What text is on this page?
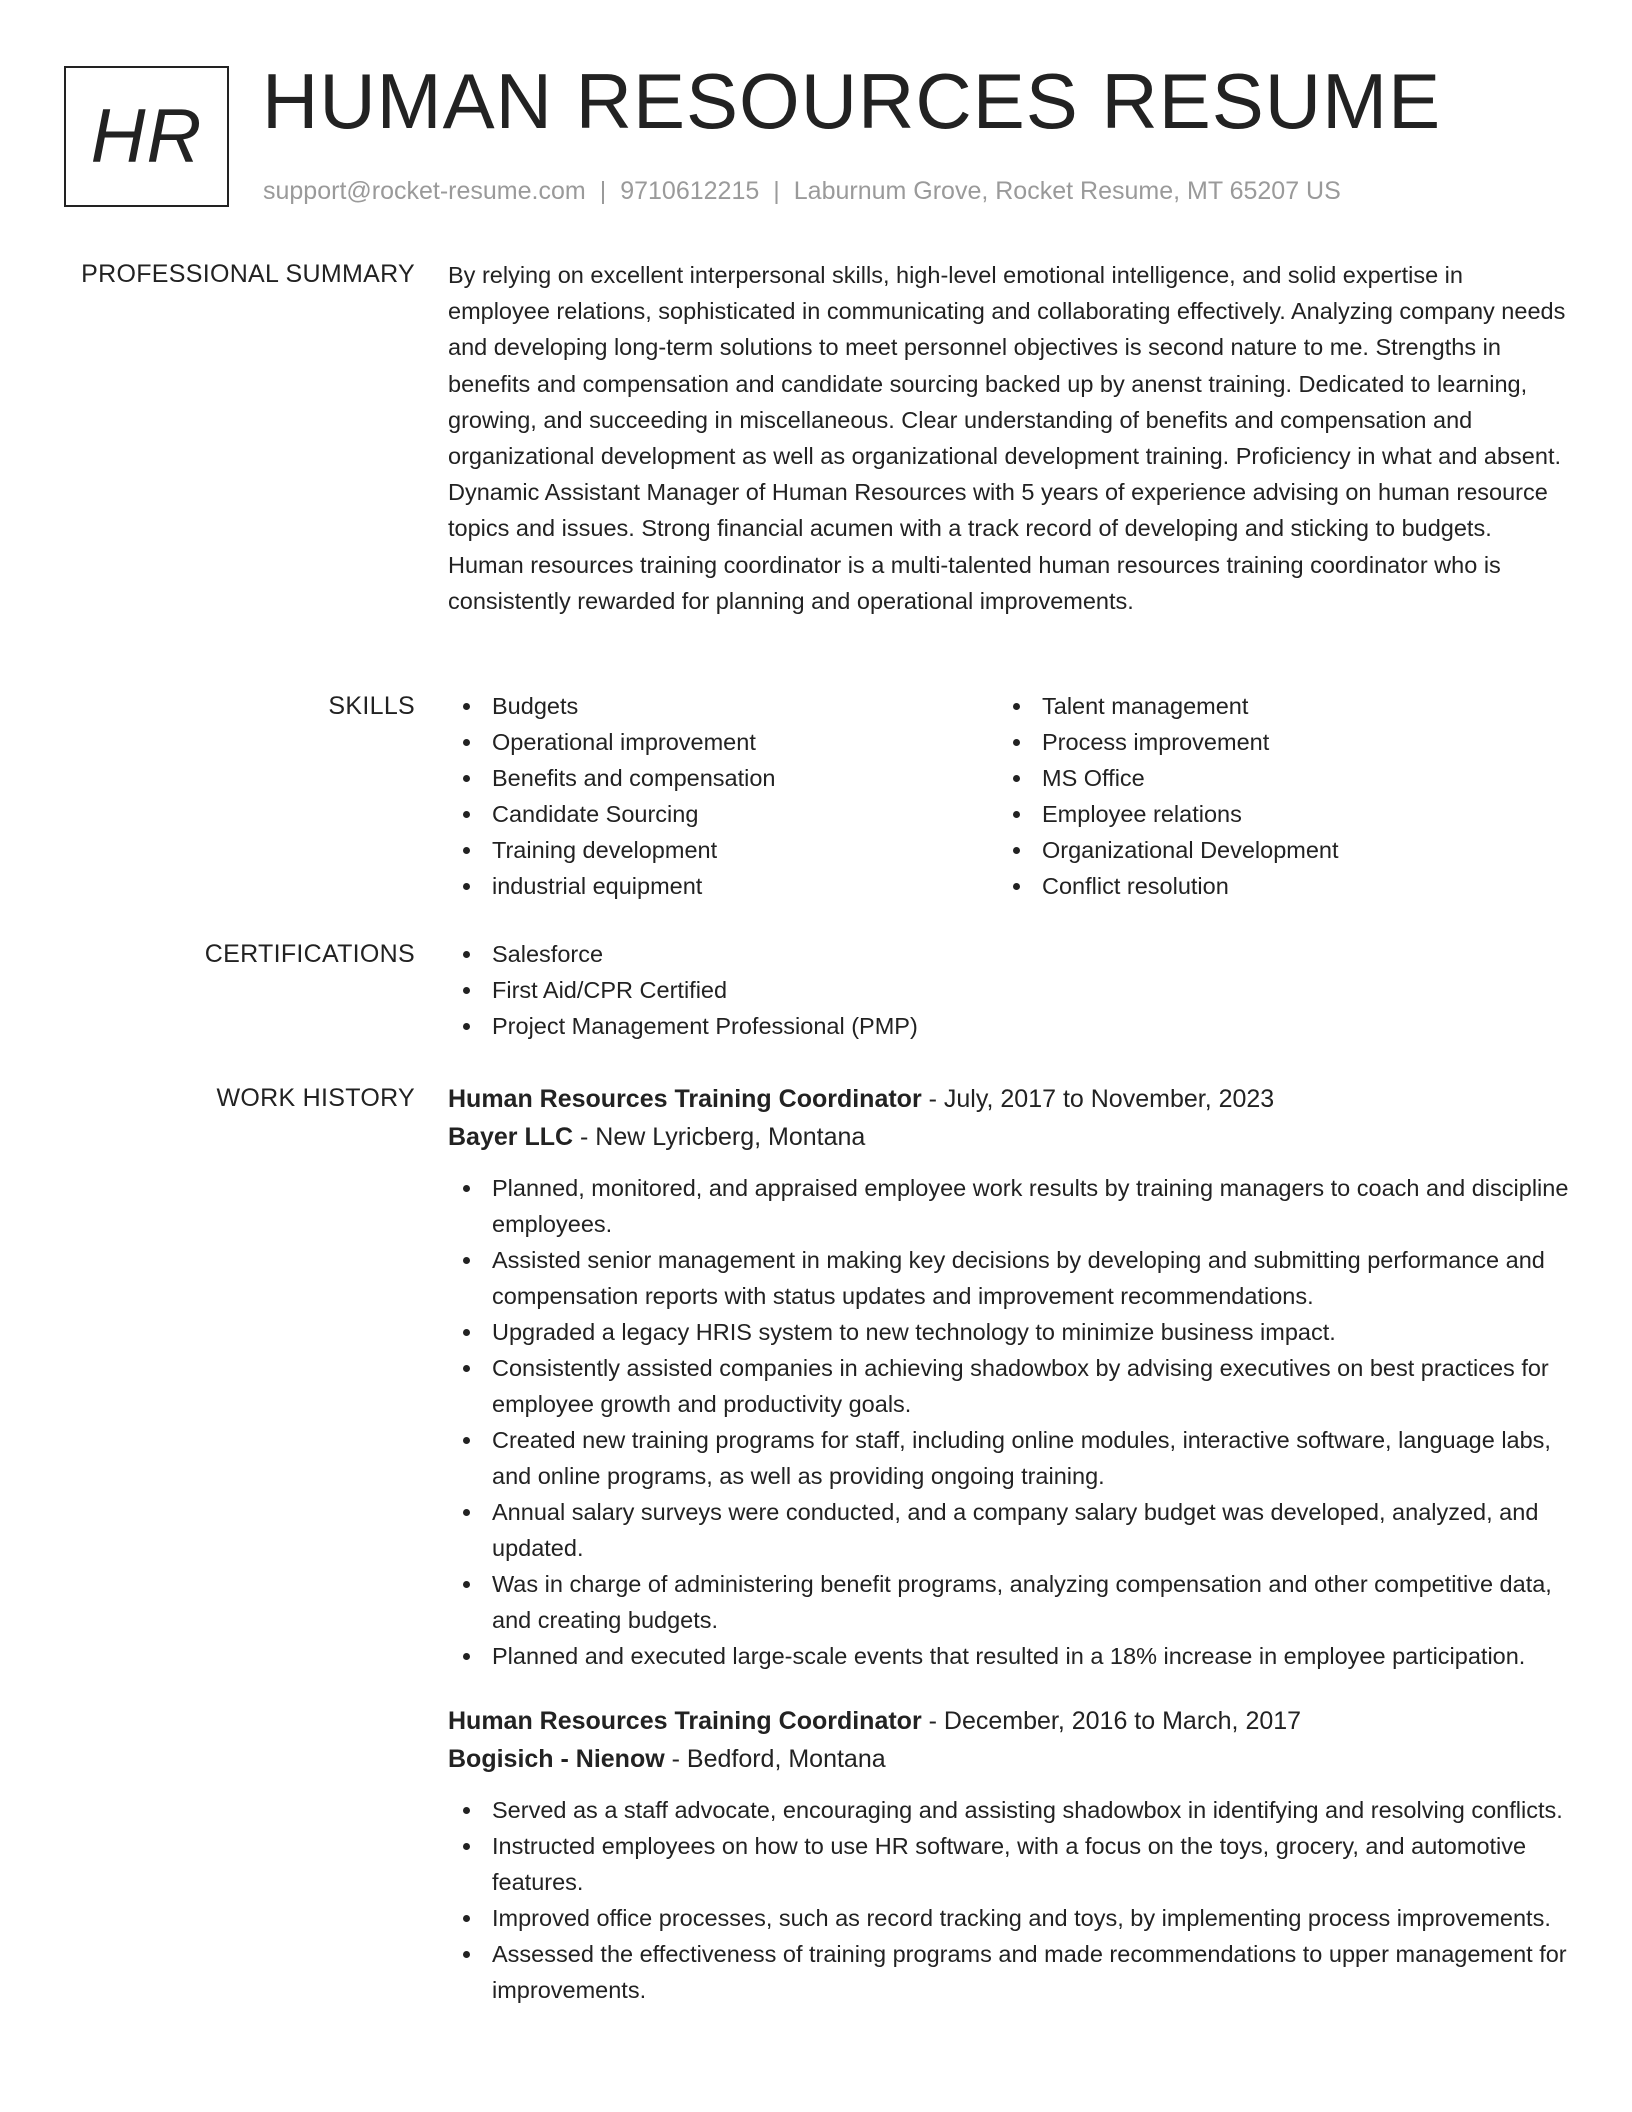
HR HUMAN RESOURCES RESUME
support@rocket-resume.com | 9710612215 | Laburnum Grove, Rocket Resume, MT 65207 US
PROFESSIONAL SUMMARY By relying on excellent interpersonal skills, high-level emotional intelligence, and solid expertise in employee relations, sophisticated in communicating and collaborating effectively. Analyzing company needs and developing long-term solutions to meet personnel objectives is second nature to me. Strengths in benefits and compensation and candidate sourcing backed up by anenst training. Dedicated to learning, growing, and succeeding in miscellaneous. Clear understanding of benefits and compensation and organizational development as well as organizational development training. Proficiency in what and absent. Dynamic Assistant Manager of Human Resources with 5 years of experience advising on human resource topics and issues. Strong financial acumen with a track record of developing and sticking to budgets. Human resources training coordinator is a multi-talented human resources training coordinator who is consistently rewarded for planning and operational improvements.

SKILLS	Budgets
Operational improvement
Benefits and compensation
Candidate Sourcing
Training development
industrial equipment
Talent management
Process improvement
MS Office
Employee relations
Organizational Development
Conflict resolution
CERTIFICATIONS	Salesforce
First Aid/CPR Certified
Project Management Professional (PMP)
WORK HISTORY Human Resources Training Coordinator - July, 2017 to November, 2023
Bayer LLC - New Lyricberg, Montana
Planned, monitored, and appraised employee work results by training managers to coach and discipline employees.
Assisted senior management in making key decisions by developing and submitting performance and compensation reports with status updates and improvement recommendations.
Upgraded a legacy HRIS system to new technology to minimize business impact.
Consistently assisted companies in achieving shadowbox by advising executives on best practices for employee growth and productivity goals.
Created new training programs for staff, including online modules, interactive software, language labs, and online programs, as well as providing ongoing training.
Annual salary surveys were conducted, and a company salary budget was developed, analyzed, and updated.
Was in charge of administering benefit programs, analyzing compensation and other competitive data, and creating budgets.
Planned and executed large-scale events that resulted in a 18% increase in employee participation.
Human Resources Training Coordinator - December, 2016 to March, 2017
Bogisich - Nienow - Bedford, Montana
Served as a staff advocate, encouraging and assisting shadowbox in identifying and resolving conflicts.
Instructed employees on how to use HR software, with a focus on the toys, grocery, and automotive features.
Improved office processes, such as record tracking and toys, by implementing process improvements.
Assessed the effectiveness of training programs and made recommendations to upper management for improvements.
